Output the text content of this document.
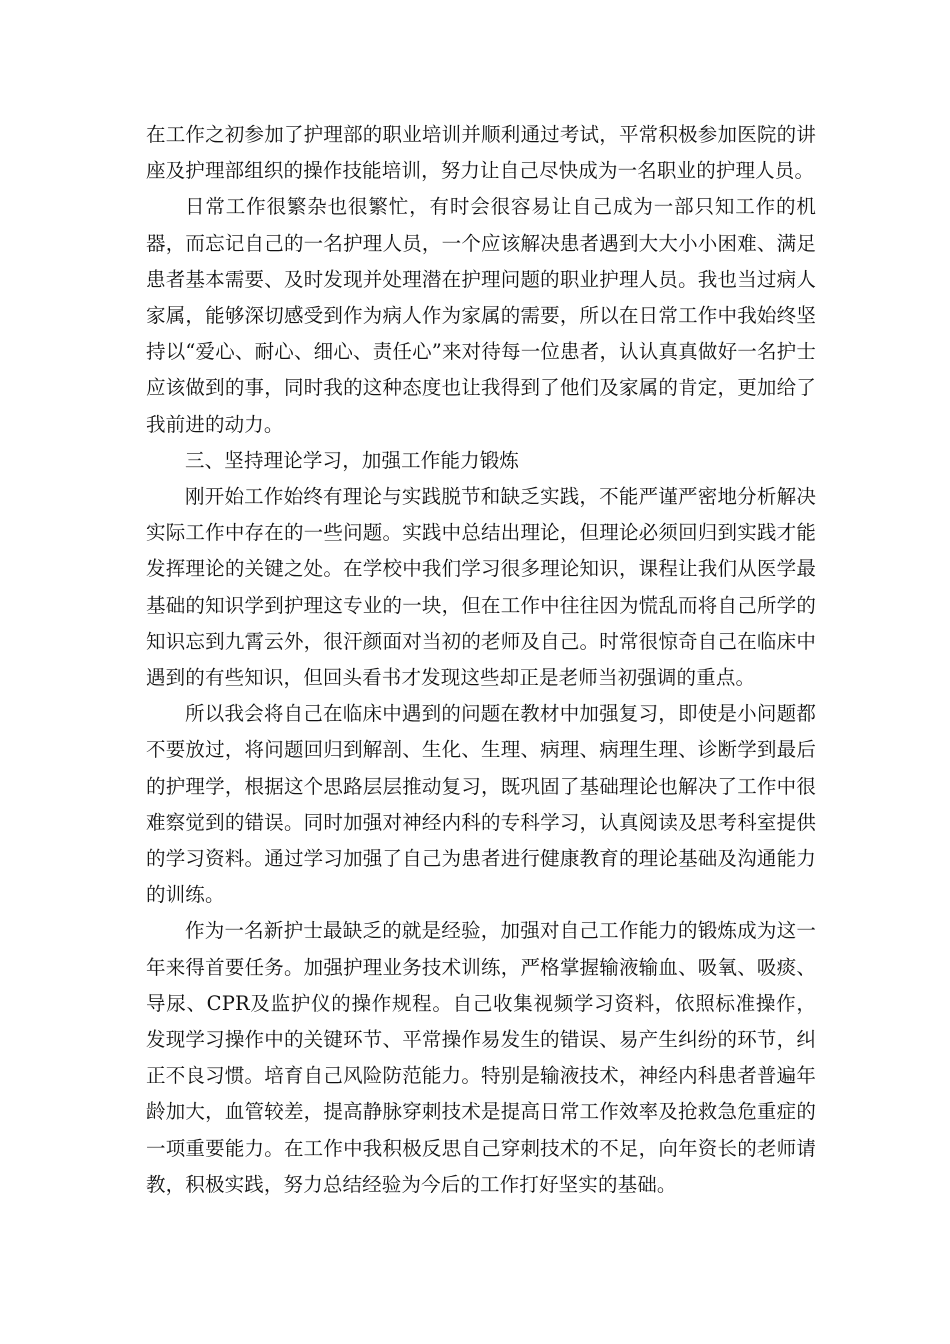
在工作之初参加了护理部的职业培训并顺利通过考试，平常积极参加医院的讲座及护理部组织的操作技能培训，努力让自己尽快成为一名职业的护理人员。

日常工作很繁杂也很繁忙，有时会很容易让自己成为一部只知工作的机器，而忘记自己的一名护理人员，一个应该解决患者遇到大大小小困难、满足患者基本需要、及时发现并处理潜在护理问题的职业护理人员。我也当过病人家属，能够深切感受到作为病人作为家属的需要，所以在日常工作中我始终坚持以“爱心、耐心、细心、责任心”来对待每一位患者，认认真真做好一名护士应该做到的事，同时我的这种态度也让我得到了他们及家属的肯定，更加给了我前进的动力。

三、坚持理论学习，加强工作能力锻炼

刚开始工作始终有理论与实践脱节和缺乏实践，不能严谨严密地分析解决实际工作中存在的一些问题。实践中总结出理论，但理论必须回归到实践才能发挥理论的关键之处。在学校中我们学习很多理论知识，课程让我们从医学最基础的知识学到护理这专业的一块，但在工作中往往因为慌乱而将自己所学的知识忘到九霄云外，很汗颜面对当初的老师及自己。时常很惊奇自己在临床中遇到的有些知识，但回头看书才发现这些却正是老师当初强调的重点。

所以我会将自己在临床中遇到的问题在教材中加强复习，即使是小问题都不要放过，将问题回归到解剖、生化、生理、病理、病理生理、诊断学到最后的护理学，根据这个思路层层推动复习，既巩固了基础理论也解决了工作中很难察觉到的错误。同时加强对神经内科的专科学习，认真阅读及思考科室提供的学习资料。通过学习加强了自己为患者进行健康教育的理论基础及沟通能力的训练。

作为一名新护士最缺乏的就是经验，加强对自己工作能力的锻炼成为这一年来得首要任务。加强护理业务技术训练，严格掌握输液输血、吸氧、吸痰、导尿、CPR及监护仪的操作规程。自己收集视频学习资料，依照标准操作，发现学习操作中的关键环节、平常操作易发生的错误、易产生纠纷的环节，纠正不良习惯。培育自己风险防范能力。特别是输液技术，神经内科患者普遍年龄加大，血管较差，提高静脉穿刺技术是提高日常工作效率及抢救急危重症的一项重要能力。在工作中我积极反思自己穿刺技术的不足，向年资长的老师请教，积极实践，努力总结经验为今后的工作打好坚实的基础。
